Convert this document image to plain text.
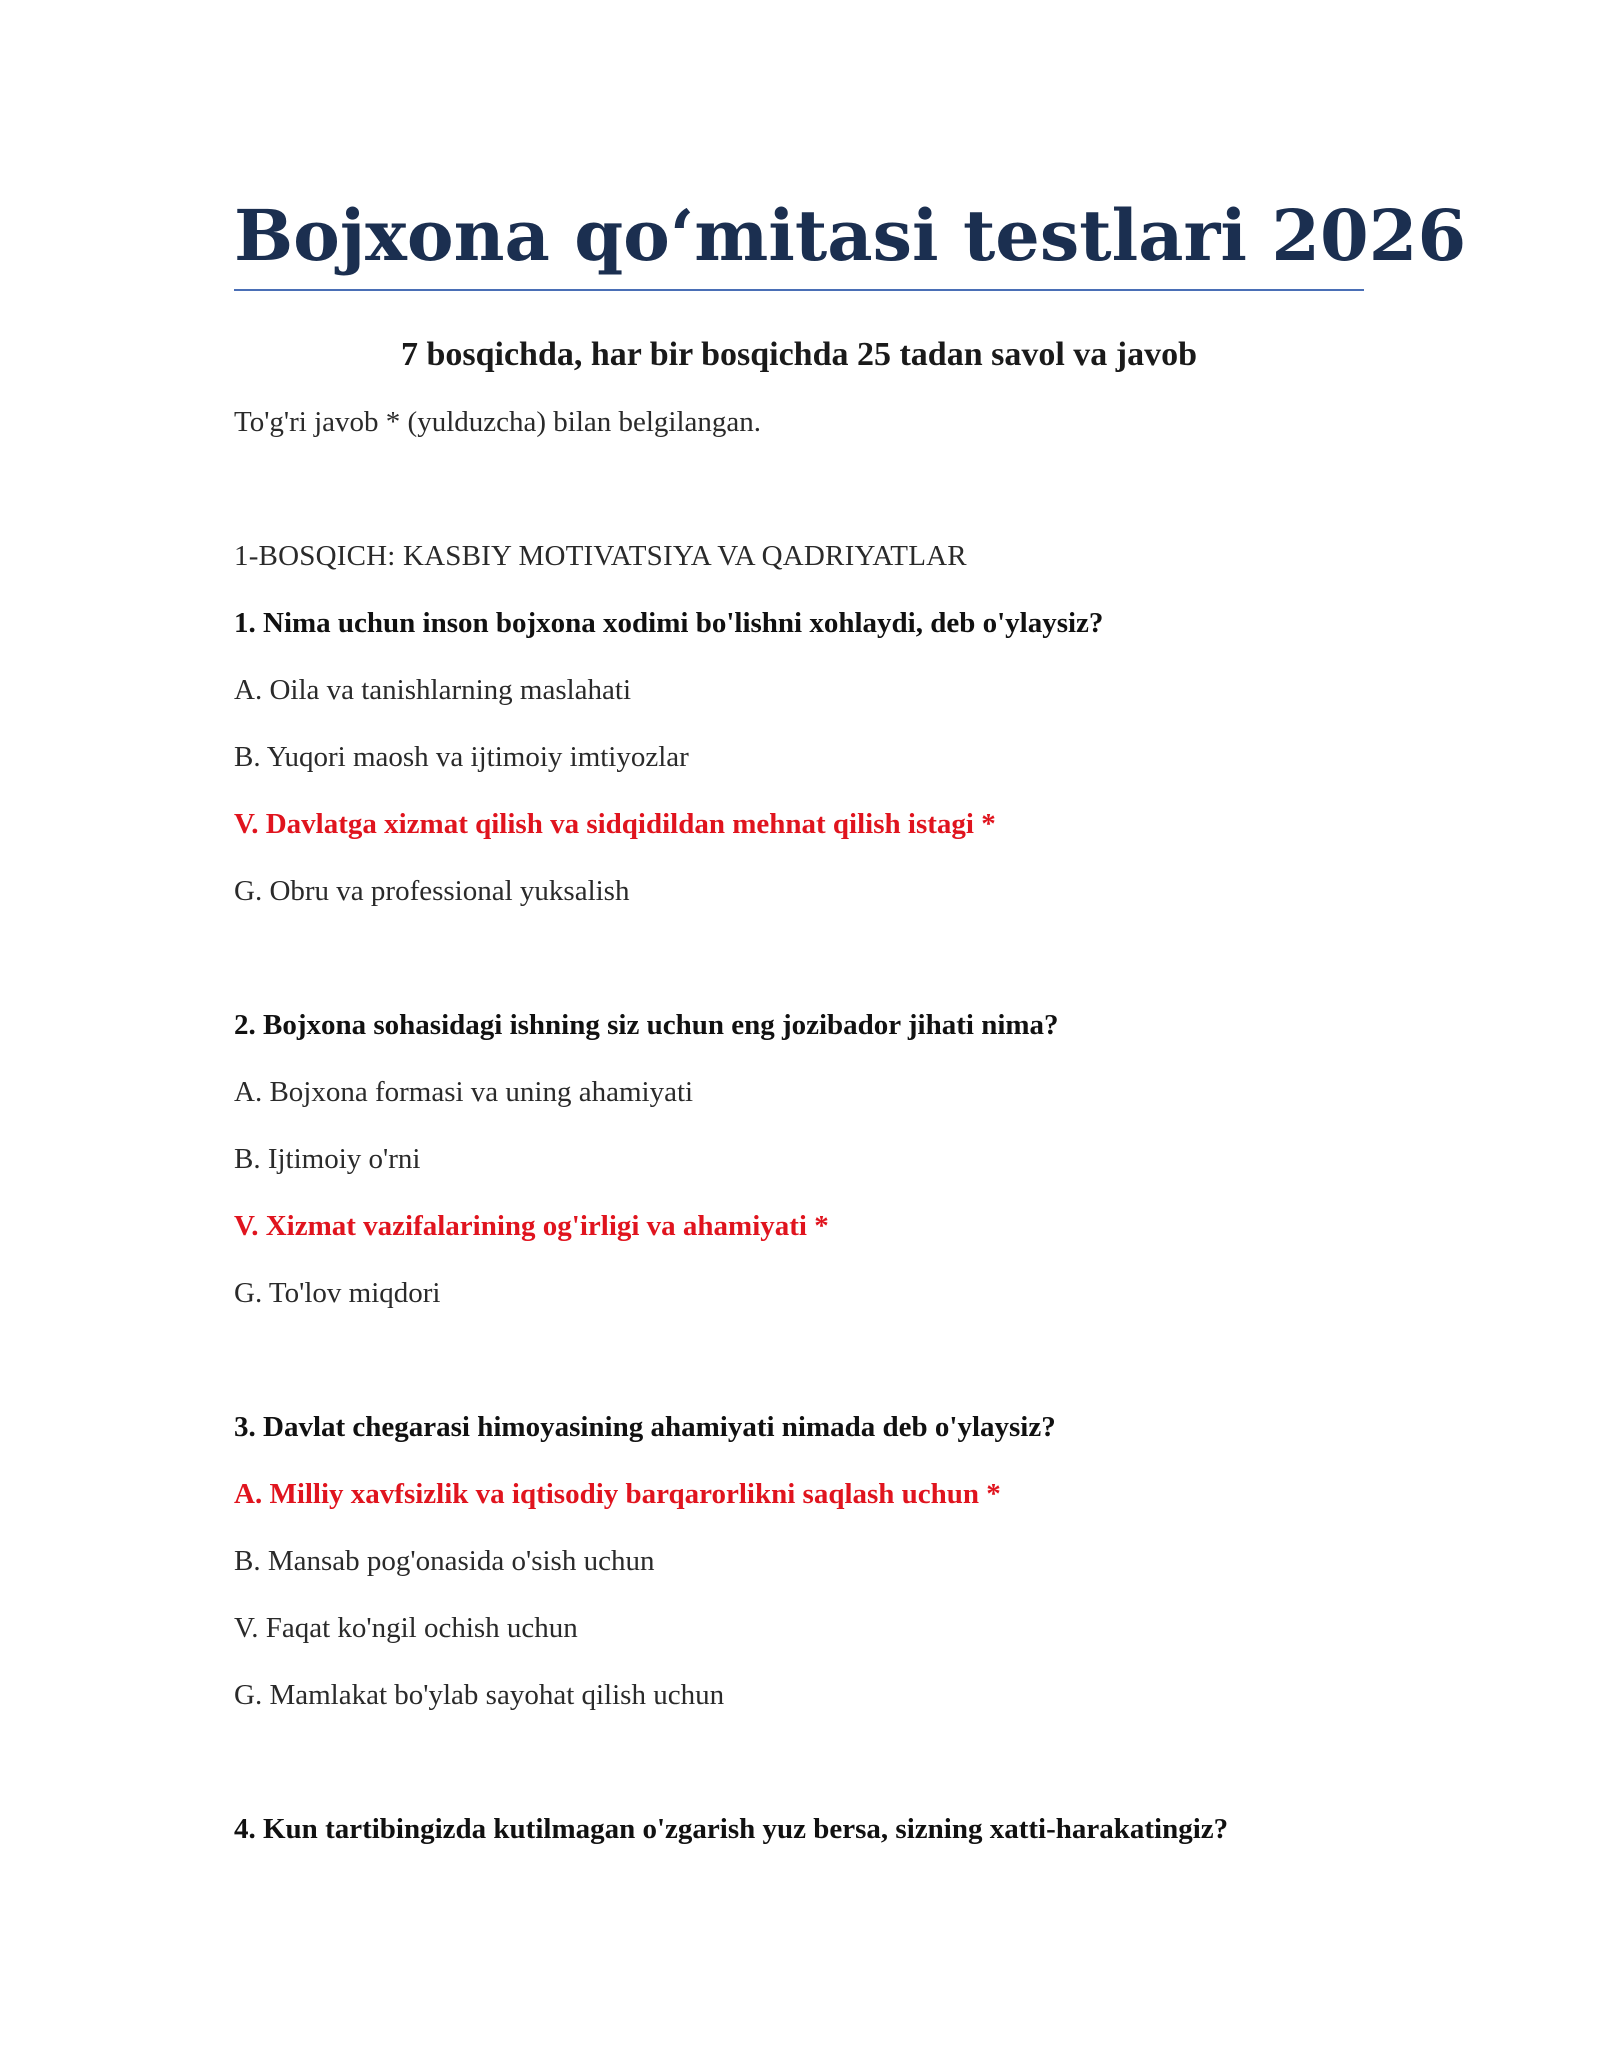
Bojxona qo‘mitasi testlari 2026
7 bosqichda, har bir bosqichda 25 tadan savol va javob

To'g'ri javob * (yulduzcha) bilan belgilangan.

1-BOSQICH: KASBIY MOTIVATSIYA VA QADRIYATLAR

1. Nima uchun inson bojxona xodimi bo'lishni xohlaydi, deb o'ylaysiz?

A. Oila va tanishlarning maslahati

B. Yuqori maosh va ijtimoiy imtiyozlar

V. Davlatga xizmat qilish va sidqidildan mehnat qilish istagi *

G. Obru va professional yuksalish

2. Bojxona sohasidagi ishning siz uchun eng jozibador jihati nima?

A. Bojxona formasi va uning ahamiyati

B. Ijtimoiy o'rni

V. Xizmat vazifalarining og'irligi va ahamiyati *

G. To'lov miqdori

3. Davlat chegarasi himoyasining ahamiyati nimada deb o'ylaysiz?

A. Milliy xavfsizlik va iqtisodiy barqarorlikni saqlash uchun *

B. Mansab pog'onasida o'sish uchun

V. Faqat ko'ngil ochish uchun

G. Mamlakat bo'ylab sayohat qilish uchun

4. Kun tartibingizda kutilmagan o'zgarish yuz bersa, sizning xatti-harakatingiz?
